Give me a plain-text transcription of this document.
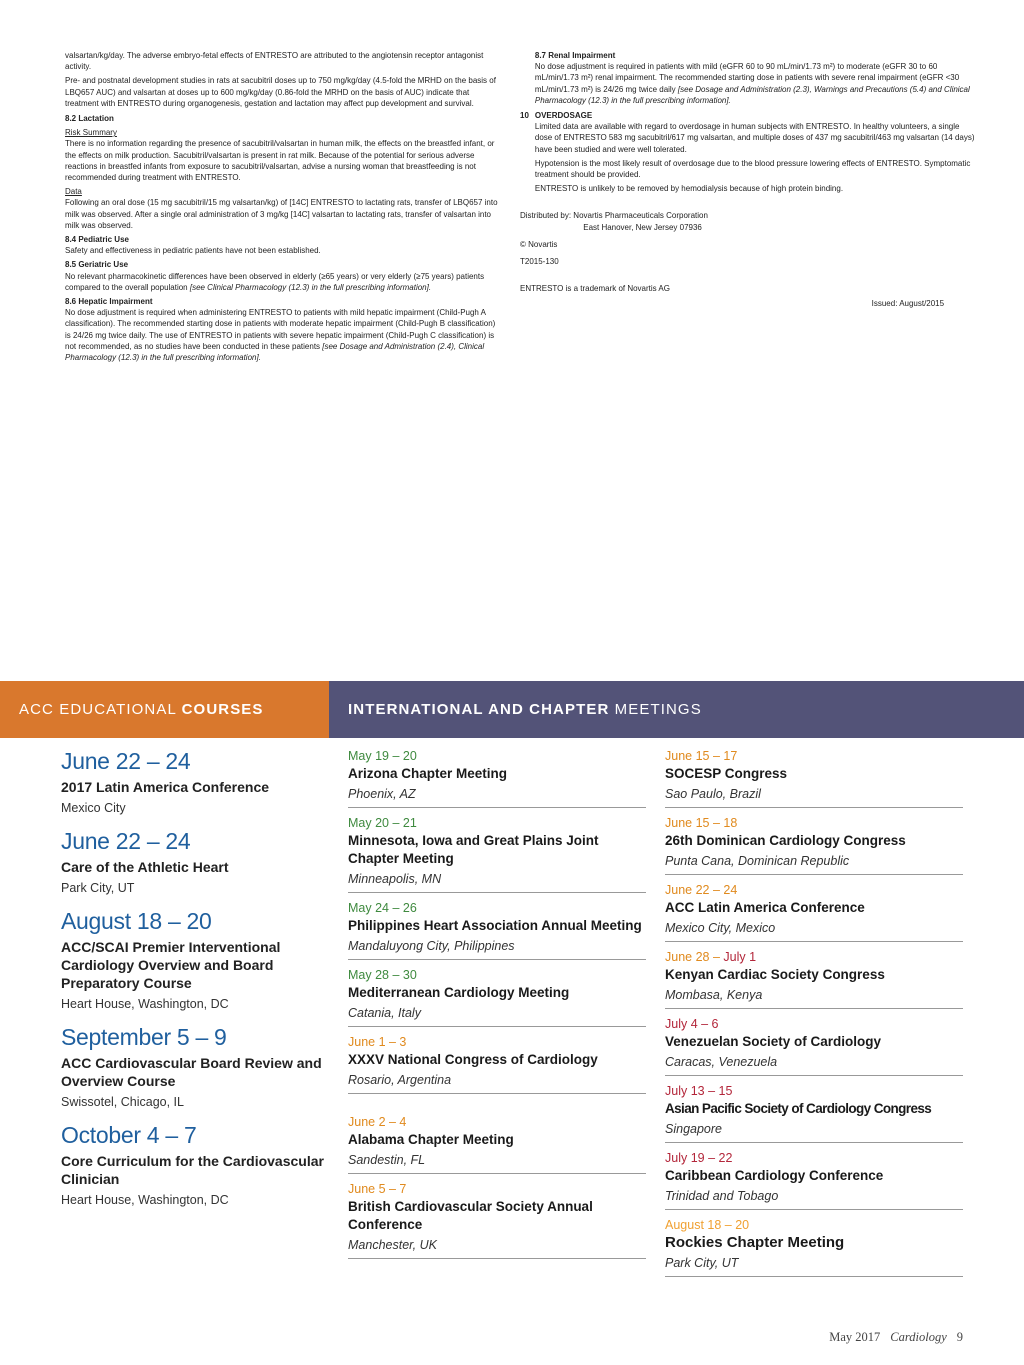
valsartan/kg/day. The adverse embryo-fetal effects of ENTRESTO are attributed to the angiotensin receptor antagonist activity.

Pre- and postnatal development studies in rats at sacubitril doses up to 750 mg/kg/day (4.5-fold the MRHD on the basis of LBQ657 AUC) and valsartan at doses up to 600 mg/kg/day (0.86-fold the MRHD on the basis of AUC) indicate that treatment with ENTRESTO during organogenesis, gestation and lactation may affect pup development and survival.

8.2 Lactation

Risk Summary

There is no information regarding the presence of sacubitril/valsartan in human milk, the effects on the breastfed infant, or the effects on milk production. Sacubitril/valsartan is present in rat milk. Because of the potential for serious adverse reactions in breastfed infants from exposure to sacubitril/valsartan, advise a nursing woman that breastfeeding is not recommended during treatment with ENTRESTO.

Data

Following an oral dose (15 mg sacubitril/15 mg valsartan/kg) of [14C] ENTRESTO to lactating rats, transfer of LBQ657 into milk was observed. After a single oral administration of 3 mg/kg [14C] valsartan to lactating rats, transfer of valsartan into milk was observed.

8.4 Pediatric Use

Safety and effectiveness in pediatric patients have not been established.

8.5 Geriatric Use

No relevant pharmacokinetic differences have been observed in elderly (≥65 years) or very elderly (≥75 years) patients compared to the overall population [see Clinical Pharmacology (12.3) in the full prescribing information].

8.6 Hepatic Impairment

No dose adjustment is required when administering ENTRESTO to patients with mild hepatic impairment (Child-Pugh A classification). The recommended starting dose in patients with moderate hepatic impairment (Child-Pugh B classification) is 24/26 mg twice daily. The use of ENTRESTO in patients with severe hepatic impairment (Child-Pugh C classification) is not recommended, as no studies have been conducted in these patients [see Dosage and Administration (2.4), Clinical Pharmacology (12.3) in the full prescribing information].

8.7 Renal Impairment

No dose adjustment is required in patients with mild (eGFR 60 to 90 mL/min/1.73 m²) to moderate (eGFR 30 to 60 mL/min/1.73 m²) renal impairment. The recommended starting dose in patients with severe renal impairment (eGFR <30 mL/min/1.73 m²) is 24/26 mg twice daily [see Dosage and Administration (2.3), Warnings and Precautions (5.4) and Clinical Pharmacology (12.3) in the full prescribing information].

10 OVERDOSAGE

Limited data are available with regard to overdosage in human subjects with ENTRESTO. In healthy volunteers, a single dose of ENTRESTO 583 mg sacubitril/617 mg valsartan, and multiple doses of 437 mg sacubitril/463 mg valsartan (14 days) have been studied and were well tolerated.

Hypotension is the most likely result of overdosage due to the blood pressure lowering effects of ENTRESTO. Symptomatic treatment should be provided.

ENTRESTO is unlikely to be removed by hemodialysis because of high protein binding.

Distributed by: Novartis Pharmaceuticals Corporation

East Hanover, New Jersey 07936

© Novartis

T2015-130

ENTRESTO is a trademark of Novartis AG

Issued: August/2015

ACC EDUCATIONAL COURSES	INTERNATIONAL AND CHAPTER MEETINGS
June 22 – 24
2017 Latin America Conference
Mexico City
June 22 – 24
Care of the Athletic Heart
Park City, UT
August 18 – 20
ACC/SCAI Premier Interventional Cardiology Overview and Board Preparatory Course
Heart House, Washington, DC
September 5 – 9
ACC Cardiovascular Board Review and Overview Course
Swissotel, Chicago, IL
October 4 – 7
Core Curriculum for the Cardiovascular Clinician
Heart House, Washington, DC
May 19 – 20
Arizona Chapter Meeting
Phoenix, AZ
May 20 – 21
Minnesota, Iowa and Great Plains Joint Chapter Meeting
Minneapolis, MN
May 24 – 26
Philippines Heart Association Annual Meeting
Mandaluyong City, Philippines
May 28 – 30
Mediterranean Cardiology Meeting
Catania, Italy
June 1 – 3
XXXV National Congress of Cardiology
Rosario, Argentina
June 2 – 4
Alabama Chapter Meeting
Sandestin, FL
June 5 – 7
British Cardiovascular Society Annual Conference
Manchester, UK
June 15 – 17
SOCESP Congress
Sao Paulo, Brazil
June 15 – 18
26th Dominican Cardiology Congress
Punta Cana, Dominican Republic
June 22 – 24
ACC Latin America Conference
Mexico City, Mexico
June 28 – July 1
Kenyan Cardiac Society Congress
Mombasa, Kenya
July 4 – 6
Venezuelan Society of Cardiology
Caracas, Venezuela
July 13 – 15
Asian Pacific Society of Cardiology Congress
Singapore
July 19 – 22
Caribbean Cardiology Conference
Trinidad and Tobago
August 18 – 20
Rockies Chapter Meeting
Park City, UT
May 2017 Cardiology 9
